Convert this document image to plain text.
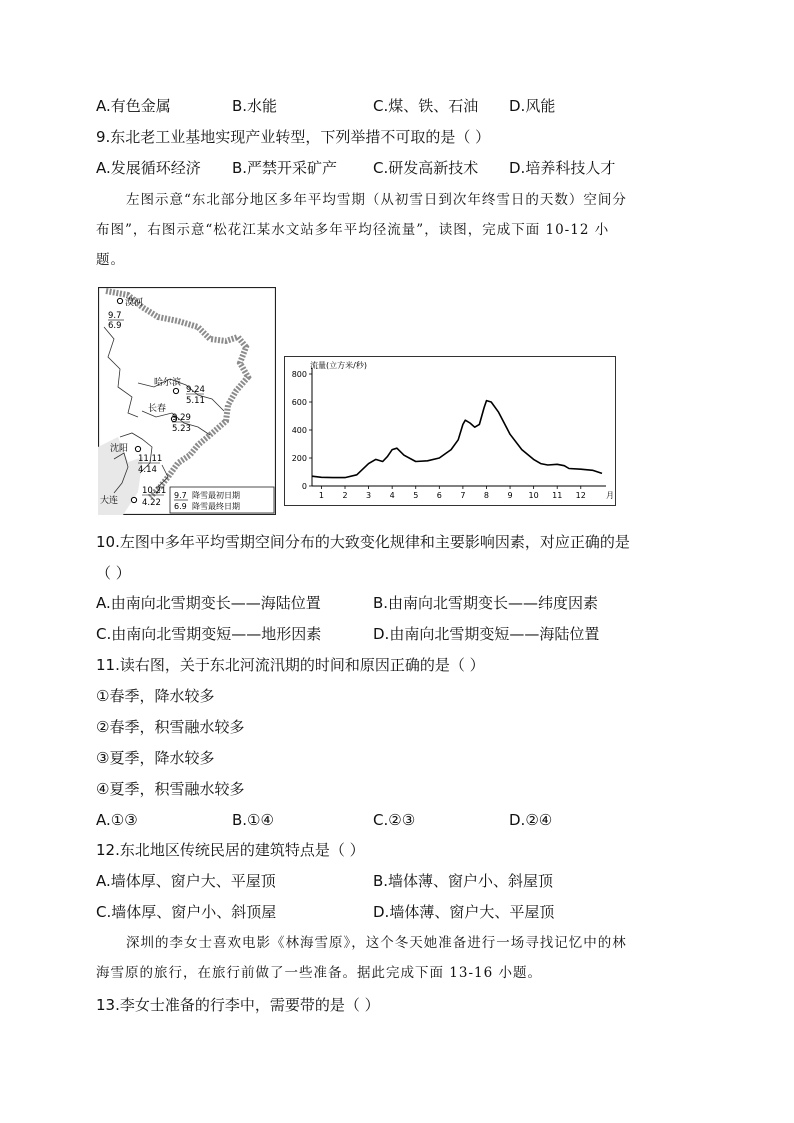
A.有色金属	B.水能	C.煤、铁、石油 D.风能
9.东北老工业基地实现产业转型，下列举措不可取的是（ ）
A.发展循环经济 B.严禁开采矿产 C.研发高新技术 D.培养科技人才
左图示意“东北部分地区多年平均雪期（从初雪日到次年终雪日的天数）空间分
布图”，右图示意“松花江某水文站多年平均径流量”，读图，完成下面 10-12 小
题。
漠河
9.7
6.9
哈尔滨
9.24
5.11
长春
9.29
5.23
沈阳
11.11
4.14
大连
10.21
4.22
9.7
6.9
降雪最初日期
降雪最终日期
0
200
400
600
800
1 2 3 4 5 6 7 8 9 10 11 12	月
流量(立方米/秒)
10.左图中多年平均雪期空间分布的大致变化规律和主要影响因素，对应正确的是
（ ）
A.由南向北雪期变长——海陆位置	B.由南向北雪期变长——纬度因素
C.由南向北雪期变短——地形因素	D.由南向北雪期变短——海陆位置
11.读右图，关于东北河流汛期的时间和原因正确的是（ ）
①春季，降水较多
②春季，积雪融水较多
③夏季，降水较多
④夏季，积雪融水较多
A.①③	B.①④	C.②③	D.②④
12.东北地区传统民居的建筑特点是（ ）
A.墙体厚、窗户大、平屋顶	B.墙体薄、窗户小、斜屋顶
C.墙体厚、窗户小、斜顶屋	D.墙体薄、窗户大、平屋顶
深圳的李女士喜欢电影《林海雪原》，这个冬天她准备进行一场寻找记忆中的林
海雪原的旅行，在旅行前做了一些准备。据此完成下面 13-16 小题。
13.李女士准备的行李中，需要带的是（ ）
